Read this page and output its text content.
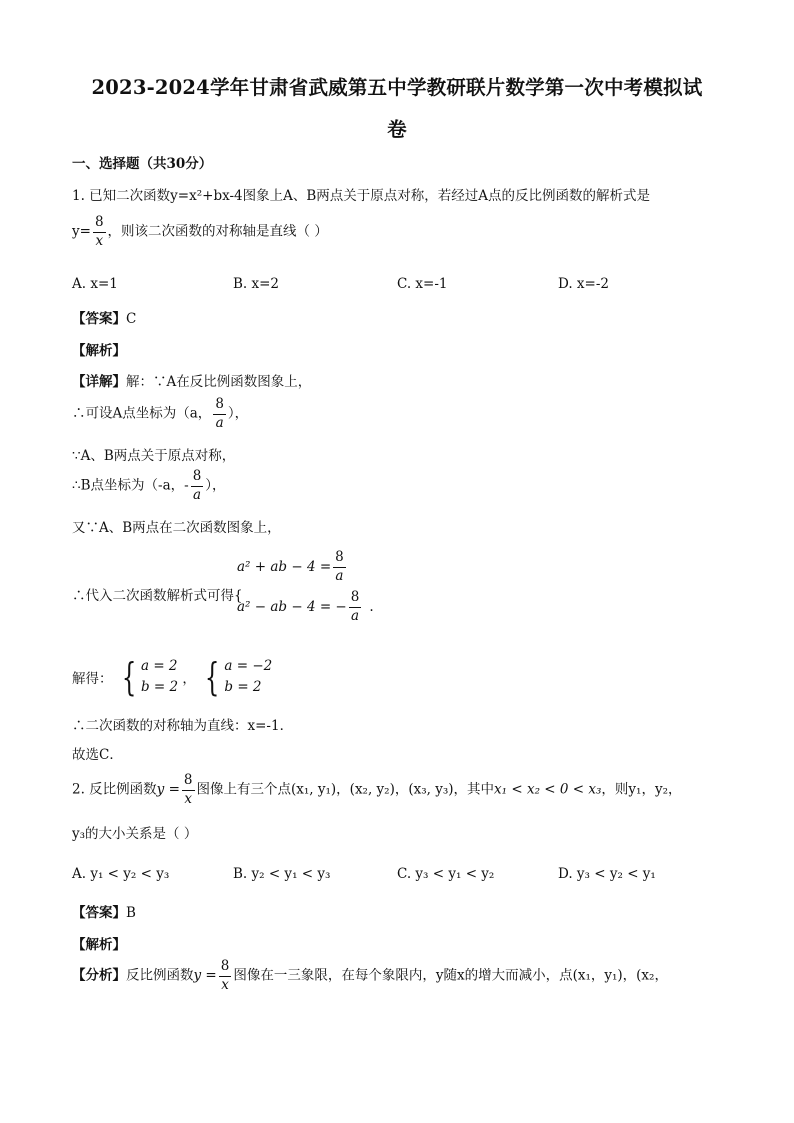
2023-2024学年甘肃省武威第五中学教研联片数学第一次中考模拟试
卷
一、选择题（共30分）
1. 已知二次函数y=x²+bx-4图象上A、B两点关于原点对称，若经过A点的反比例函数的解析式是
$y= \frac{8}{x}$ ，则该二次函数的对称轴是直线（ ）
A. x=1	B. x=2	C. x=-1	D. x=-2
【答案】C
【解析】
【详解】解：∵A在反比例函数图象上，
∴可设A点坐标为（a， $\frac{8}{a}$ ），
∵A、B两点关于原点对称，
∴B点坐标为（-a，- $\frac{8}{a}$ ），
又∵A、B两点在二次函数图象上，
∴代入二次函数解析式可得{
a² + ab − $4 = \frac{8}{a}$
a² − ab − 4 = − $\frac{8}{a}$ .
解得： { a = 2
b = 2 ， { a = −2
b = 2
∴二次函数的对称轴为直线：x=-1．
故选C．
2. 反比例函数$y = \frac{8}{x}$ 图像上有三个点(x₁, y₁)，(x₂, y₂)，(x₃, y₃)，其中x₁ < x₂ < 0 < x₃，则y₁，y₂，
y₃的大小关系是（ ）
A. y₁ < y₂ < y₃	B. y₂ < y₁ < y₃	C. y₃ < y₁ < y₂	D. y₃ < y₂ < y₁
【答案】B
【解析】
【分析】反比例函数$y = \frac{8}{x}$ 图像在一三象限，在每个象限内，y随x的增大而减小，点(x₁，y₁)，(x₂，
